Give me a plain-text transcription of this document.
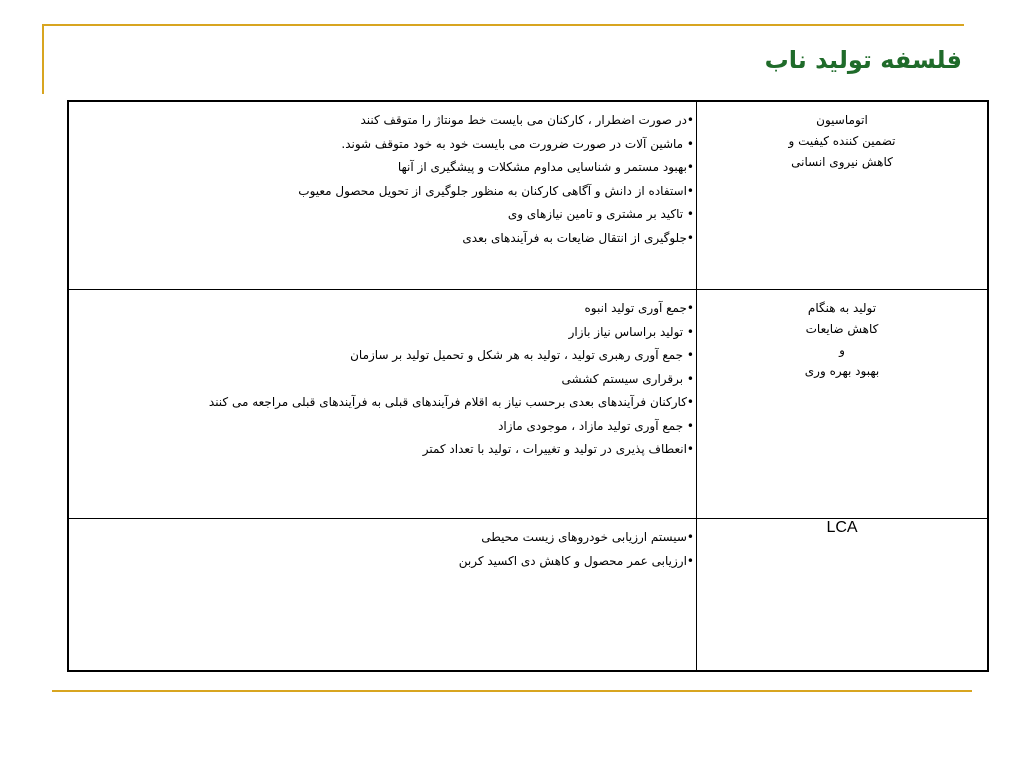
فلسفه تولید ناب
اتوماسیون
تضمین کننده کیفیت و
کاهش نیروی انسانی
•در صورت اضطرار ، کارکنان می بایست خط مونتاژ را متوقف کنند
• ماشین آلات در صورت ضرورت می بایست خود به خود متوقف شوند.
•بهبود مستمر و شناسایی مداوم مشکلات و پیشگیری از آنها
•استفاده از دانش و آگاهی کارکنان به منظور جلوگیری از تحویل محصول معیوب
• تاکید بر مشتری و تامین نیازهای وی
•جلوگیری از انتقال ضایعات به فرآیندهای بعدی
تولید به هنگام
کاهش ضایعات
و
بهبود بهره وری
•جمع آوری تولید انبوه
• تولید براساس نیاز بازار
• جمع آوری رهبری تولید ، تولید به هر شکل و تحمیل تولید بر سازمان
• برقراری سیستم کششی
•کارکنان فرآیندهای بعدی برحسب نیاز به اقلام فرآیندهای قبلی به فرآیندهای قبلی مراجعه می کنند
• جمع آوری تولید مازاد ، موجودی مازاد
•انعطاف پذیری در تولید و تغییرات ، تولید با تعداد کمتر
LCA
•سیستم ارزیابی خودروهای زیست محیطی
•ارزیابی عمر محصول و کاهش دی اکسید کربن
